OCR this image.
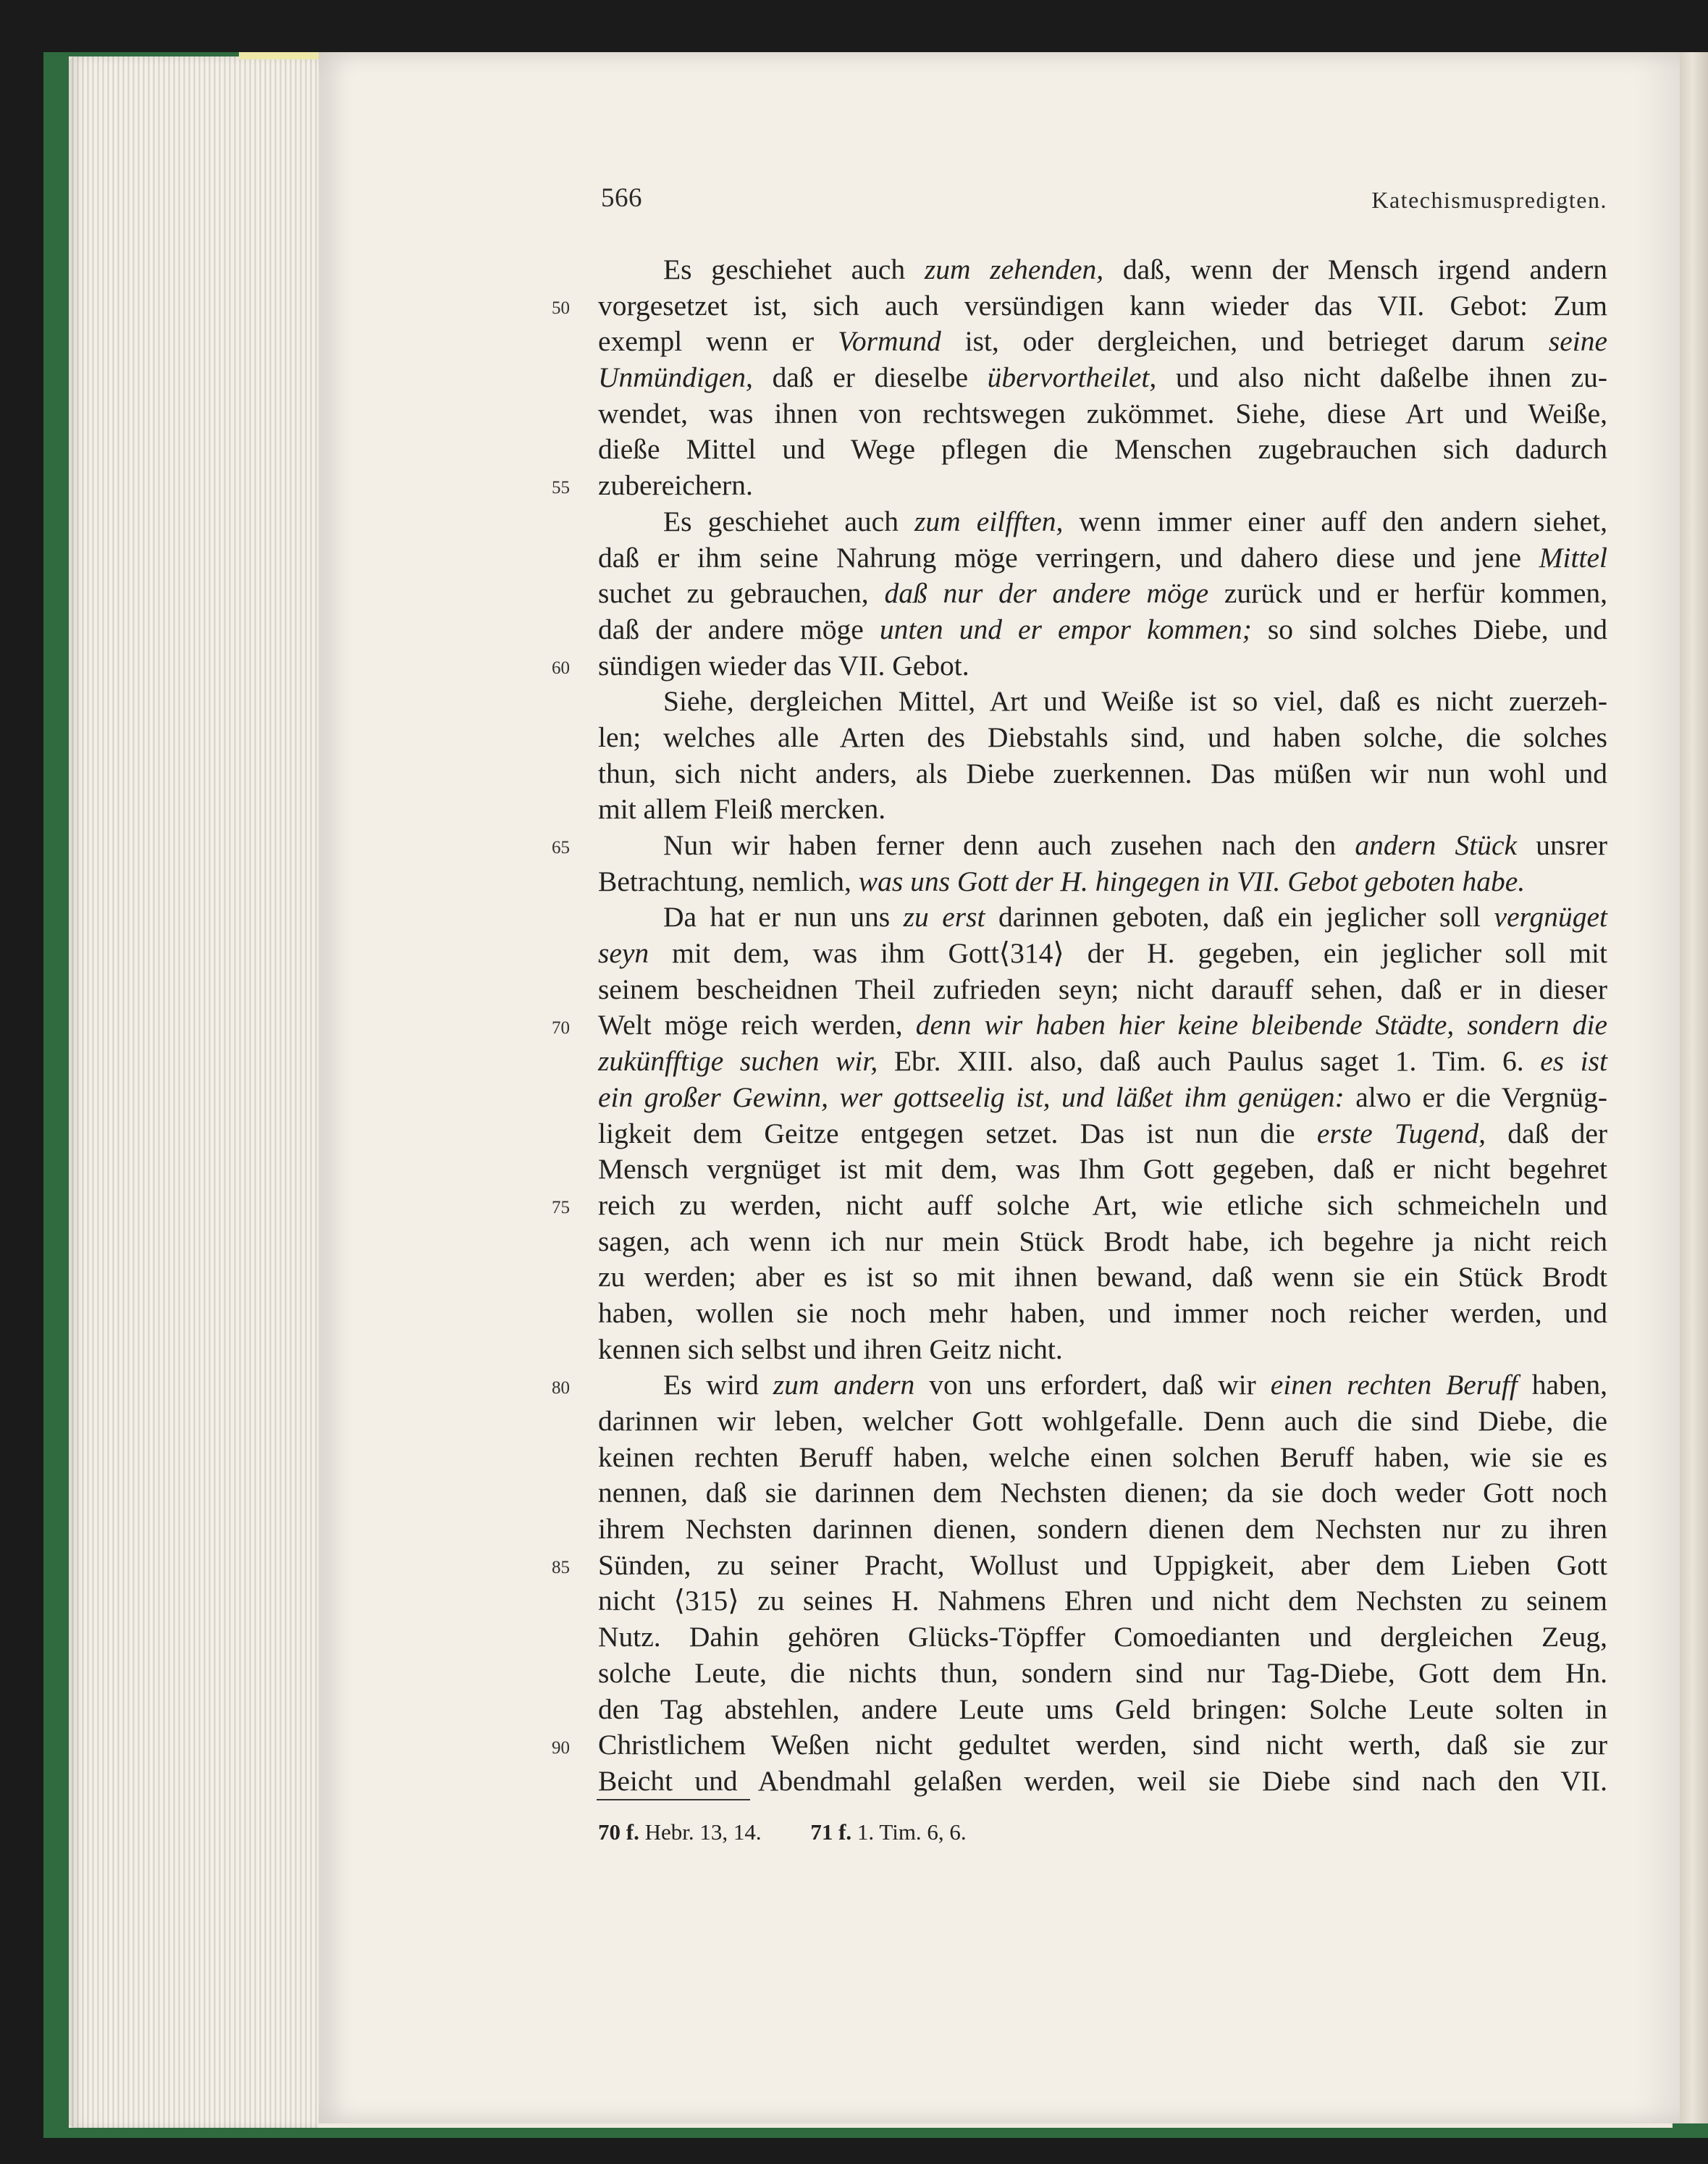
566	Katechismuspredigten.
50
55
60
65
70
75
80
85
90
Es geschiehet auch zum zehenden, daß, wenn der Mensch irgend andern
vorgesetzet ist, sich auch versündigen kann wieder das VII. Gebot: Zum
exempl wenn er Vormund ist, oder dergleichen, und betrieget darum seine
Unmündigen, daß er dieselbe übervortheilet, und also nicht daßelbe ihnen zu-
wendet, was ihnen von rechtswegen zukömmet. Siehe, diese Art und Weiße,
dieße Mittel und Wege pflegen die Menschen zugebrauchen sich dadurch
zubereichern.
Es geschiehet auch zum eilfften, wenn immer einer auff den andern siehet,
daß er ihm seine Nahrung möge verringern, und dahero diese und jene Mittel
suchet zu gebrauchen, daß nur der andere möge zurück und er herfür kommen,
daß der andere möge unten und er empor kommen; so sind solches Diebe, und
sündigen wieder das VII. Gebot.
Siehe, dergleichen Mittel, Art und Weiße ist so viel, daß es nicht zuerzeh-
len; welches alle Arten des Diebstahls sind, und haben solche, die solches
thun, sich nicht anders, als Diebe zuerkennen. Das müßen wir nun wohl und
mit allem Fleiß mercken.
Nun wir haben ferner denn auch zusehen nach den andern Stück unsrer
Betrachtung, nemlich, was uns Gott der H. hingegen in VII. Gebot geboten habe.
Da hat er nun uns zu erst darinnen geboten, daß ein jeglicher soll vergnüget
seyn mit dem, was ihm Gott⟨314⟩ der H. gegeben, ein jeglicher soll mit
seinem bescheidnen Theil zufrieden seyn; nicht darauff sehen, daß er in dieser
Welt möge reich werden, denn wir haben hier keine bleibende Städte, sondern die
zukünfftige suchen wir, Ebr. XIII. also, daß auch Paulus saget 1. Tim. 6. es ist
ein großer Gewinn, wer gottseelig ist, und läßet ihm genügen: alwo er die Vergnüg-
ligkeit dem Geitze entgegen setzet. Das ist nun die erste Tugend, daß der
Mensch vergnüget ist mit dem, was Ihm Gott gegeben, daß er nicht begehret
reich zu werden, nicht auff solche Art, wie etliche sich schmeicheln und
sagen, ach wenn ich nur mein Stück Brodt habe, ich begehre ja nicht reich
zu werden; aber es ist so mit ihnen bewand, daß wenn sie ein Stück Brodt
haben, wollen sie noch mehr haben, und immer noch reicher werden, und
kennen sich selbst und ihren Geitz nicht.
Es wird zum andern von uns erfordert, daß wir einen rechten Beruff haben,
darinnen wir leben, welcher Gott wohlgefalle. Denn auch die sind Diebe, die
keinen rechten Beruff haben, welche einen solchen Beruff haben, wie sie es
nennen, daß sie darinnen dem Nechsten dienen; da sie doch weder Gott noch
ihrem Nechsten darinnen dienen, sondern dienen dem Nechsten nur zu ihren
Sünden, zu seiner Pracht, Wollust und Uppigkeit, aber dem Lieben Gott
nicht ⟨315⟩ zu seines H. Nahmens Ehren und nicht dem Nechsten zu seinem
Nutz. Dahin gehören Glücks-Töpffer Comoedianten und dergleichen Zeug,
solche Leute, die nichts thun, sondern sind nur Tag-Diebe, Gott dem Hn.
den Tag abstehlen, andere Leute ums Geld bringen: Solche Leute solten in
Christlichem Weßen nicht gedultet werden, sind nicht werth, daß sie zur
Beicht und Abendmahl gelaßen werden, weil sie Diebe sind nach den VII.
70 f. Hebr. 13, 14. 71 f. 1. Tim. 6, 6.
